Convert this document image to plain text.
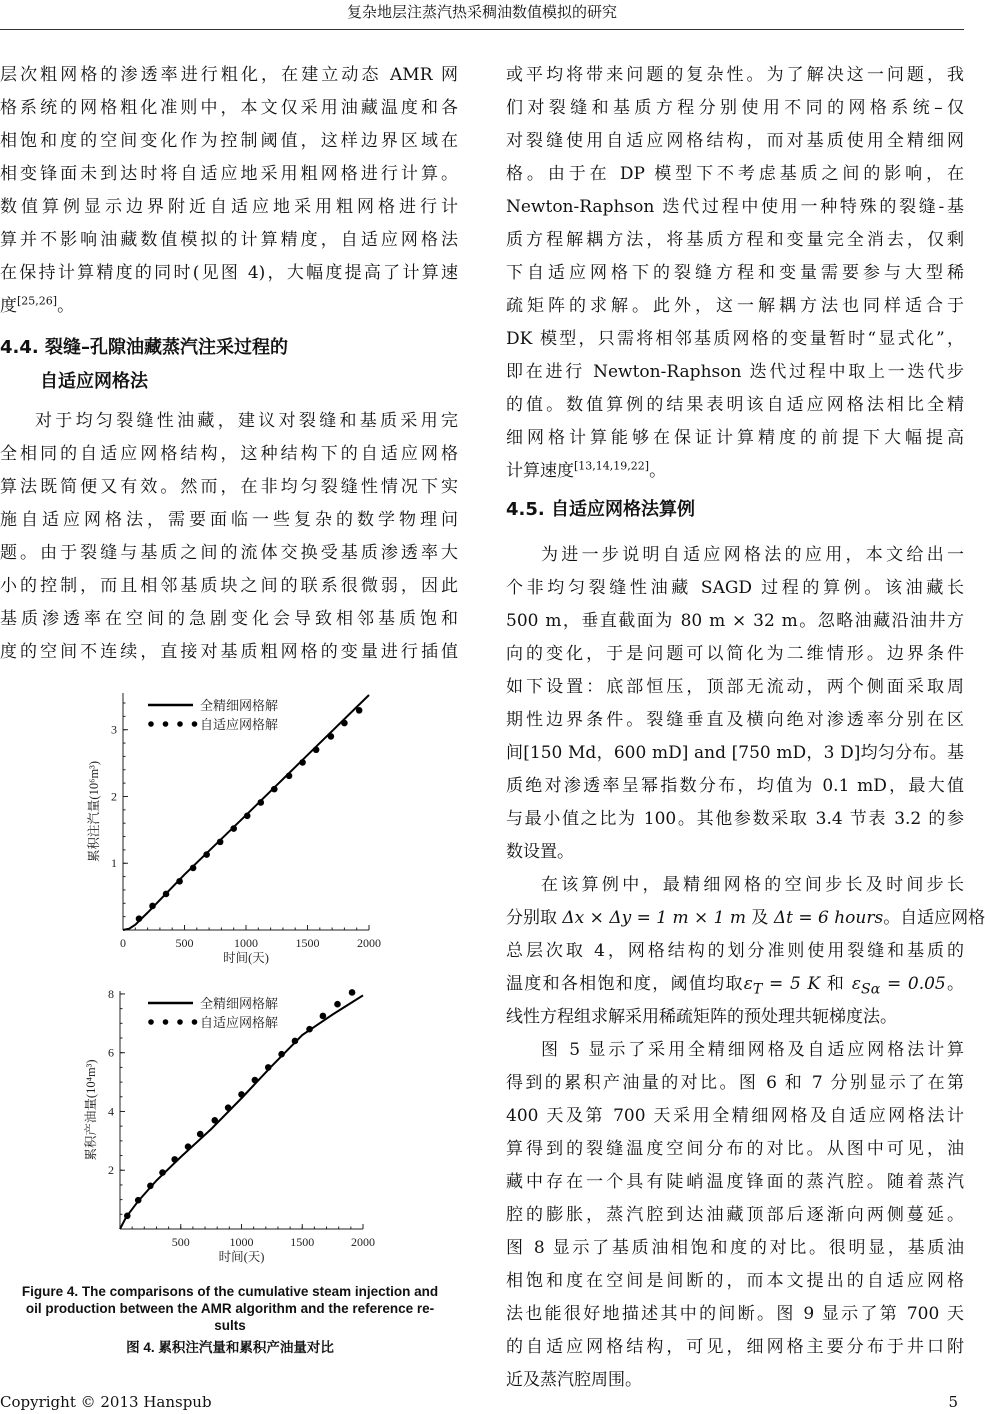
复杂地层注蒸汽热采稠油数值模拟的研究
层次粗网格的渗透率进行粗化，在建立动态 AMR 网
格系统的网格粗化准则中，本文仅采用油藏温度和各
相饱和度的空间变化作为控制阈值，这样边界区域在
相变锋面未到达时将自适应地采用粗网格进行计算。
数值算例显示边界附近自适应地采用粗网格进行计
算并不影响油藏数值模拟的计算精度，自适应网格法
在保持计算精度的同时(见图 4)，大幅度提高了计算速
度[25,26]。
4.4. 裂缝–孔隙油藏蒸汽注采过程的
自适应网格法
对于均匀裂缝性油藏，建议对裂缝和基质采用完
全相同的自适应网格结构，这种结构下的自适应网格
算法既简便又有效。然而，在非均匀裂缝性情况下实
施自适应网格法，需要面临一些复杂的数学物理问
题。由于裂缝与基质之间的流体交换受基质渗透率大
小的控制，而且相邻基质块之间的联系很微弱，因此
基质渗透率在空间的急剧变化会导致相邻基质饱和
度的空间不连续，直接对基质粗网格的变量进行插值
0	500	1000	1500	2000
1
2
3
时间(天)
累积注汽量(10⁶m³)
全精细网格解
自适应网格解
500	1000	1500	2000
2
4
6
8
时间(天)
累积产油量(10⁴m³)
全精细网格解
自适应网格解
Figure 4. The comparisons of the cumulative steam injection and
oil production between the AMR algorithm and the reference re-
sults
图 4. 累积注汽量和累积产油量对比
或平均将带来问题的复杂性。为了解决这一问题，我
们对裂缝和基质方程分别使用不同的网格系统–仅
对裂缝使用自适应网格结构，而对基质使用全精细网
格。由于在 DP 模型下不考虑基质之间的影响，在
Newton-Raphson 迭代过程中使用一种特殊的裂缝-基
质方程解耦方法，将基质方程和变量完全消去，仅剩
下自适应网格下的裂缝方程和变量需要参与大型稀
疏矩阵的求解。此外，这一解耦方法也同样适合于
DK 模型，只需将相邻基质网格的变量暂时“显式化”，
即在进行 Newton-Raphson 迭代过程中取上一迭代步
的值。数值算例的结果表明该自适应网格法相比全精
细网格计算能够在保证计算精度的前提下大幅提高
计算速度[13,14,19,22]。
4.5. 自适应网格法算例
为进一步说明自适应网格法的应用，本文给出一
个非均匀裂缝性油藏 SAGD 过程的算例。该油藏长
500 m，垂直截面为 80 m × 32 m。忽略油藏沿油井方
向的变化，于是问题可以简化为二维情形。边界条件
如下设置：底部恒压，顶部无流动，两个侧面采取周
期性边界条件。裂缝垂直及横向绝对渗透率分别在区
间[150 Md，600 mD] and [750 mD，3 D]均匀分布。基
质绝对渗透率呈幂指数分布，均值为 0.1 mD，最大值
与最小值之比为 100。其他参数采取 3.4 节表 3.2 的参
数设置。
在该算例中，最精细网格的空间步长及时间步长
分别取 Δx × Δy = 1 m × 1 m 及 Δt = 6 hours。自适应网格
总层次取 4，网格结构的划分准则使用裂缝和基质的
温度和各相饱和度，阈值均取$\varepsilon_T = 5$ K 和 $\varepsilon_{S\alpha} = 0.05$。
线性方程组求解采用稀疏矩阵的预处理共轭梯度法。
图 5 显示了采用全精细网格及自适应网格法计算
得到的累积产油量的对比。图 6 和 7 分别显示了在第
400 天及第 700 天采用全精细网格及自适应网格法计
算得到的裂缝温度空间分布的对比。从图中可见，油
藏中存在一个具有陡峭温度锋面的蒸汽腔。随着蒸汽
腔的膨胀，蒸汽腔到达油藏顶部后逐渐向两侧蔓延。
图 8 显示了基质油相饱和度的对比。很明显，基质油
相饱和度在空间是间断的，而本文提出的自适应网格
法也能很好地描述其中的间断。图 9 显示了第 700 天
的自适应网格结构，可见，细网格主要分布于井口附
近及蒸汽腔周围。
Copyright © 2013 Hanspub	5
